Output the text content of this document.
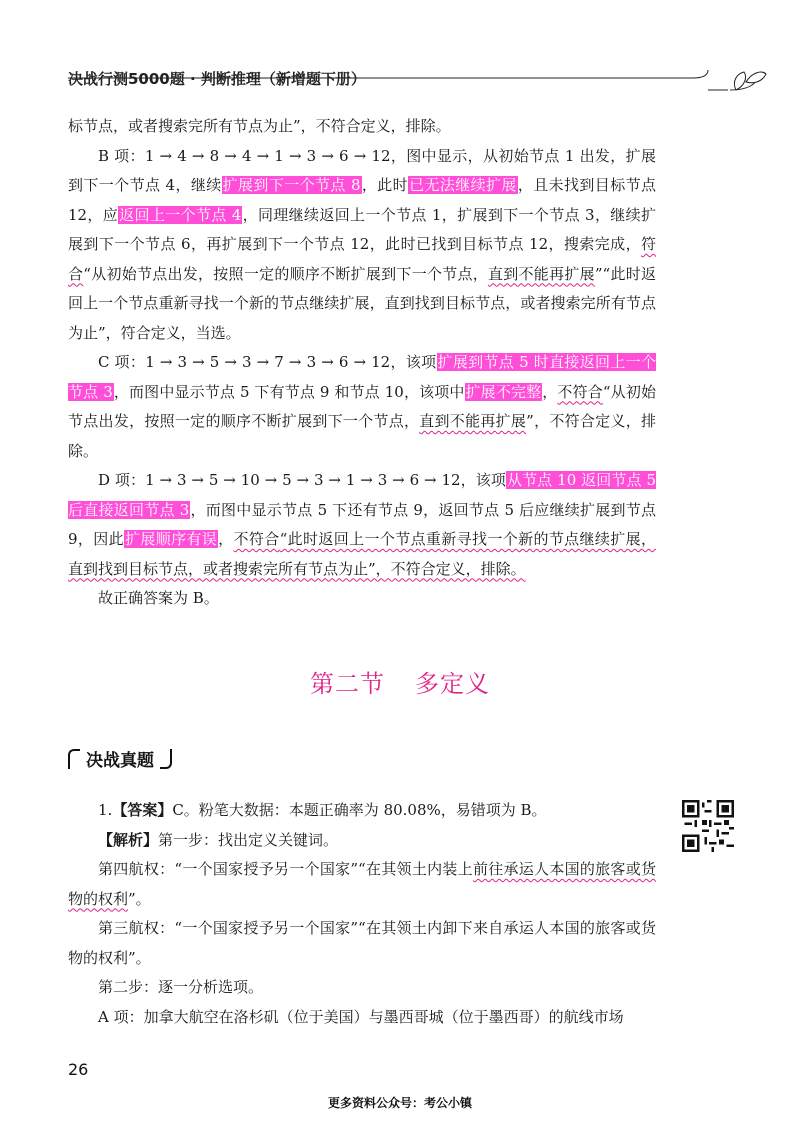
决战行测5000题 · 判断推理（新增题下册）

标节点，或者搜索完所有节点为止”，不符合定义，排除。

B 项：1 → 4 → 8 → 4 → 1 → 3 → 6 → 12，图中显示，从初始节点 1 出发，扩展到下一个节点 4，继续扩展到下一个节点 8，此时已无法继续扩展，且未找到目标节点 12，应返回上一个节点 4，同理继续返回上一个节点 1，扩展到下一个节点 3，继续扩展到下一个节点 6，再扩展到下一个节点 12，此时已找到目标节点 12，搜索完成，符合“从初始节点出发，按照一定的顺序不断扩展到下一个节点，直到不能再扩展”“此时返回上一个节点重新寻找一个新的节点继续扩展，直到找到目标节点，或者搜索完所有节点为止”，符合定义，当选。

C 项：1 → 3 → 5 → 3 → 7 → 3 → 6 → 12，该项扩展到节点 5 时直接返回上一个节点 3，而图中显示节点 5 下有节点 9 和节点 10，该项中扩展不完整，不符合“从初始节点出发，按照一定的顺序不断扩展到下一个节点，直到不能再扩展”，不符合定义，排除。

D 项：1 → 3 → 5 → 10 → 5 → 3 → 1 → 3 → 6 → 12，该项从节点 10 返回节点 5 后直接返回节点 3，而图中显示节点 5 下还有节点 9，返回节点 5 后应继续扩展到节点 9，因此扩展顺序有误，不符合“此时返回上一个节点重新寻找一个新的节点继续扩展，直到找到目标节点，或者搜索完所有节点为止”，不符合定义，排除。

故正确答案为 B。

第二节 多定义
决战真题

1.【答案】C。粉笔大数据：本题正确率为 80.08%，易错项为 B。

【解析】第一步：找出定义关键词。

第四航权：“一个国家授予另一个国家”“在其领土内装上前往承运人本国的旅客或货物的权利”。

第三航权：“一个国家授予另一个国家”“在其领土内卸下来自承运人本国的旅客或货物的权利”。

第二步：逐一分析选项。

A 项：加拿大航空在洛杉矶（位于美国）与墨西哥城（位于墨西哥）的航线市场

26
更多资料公众号：考公小镇
